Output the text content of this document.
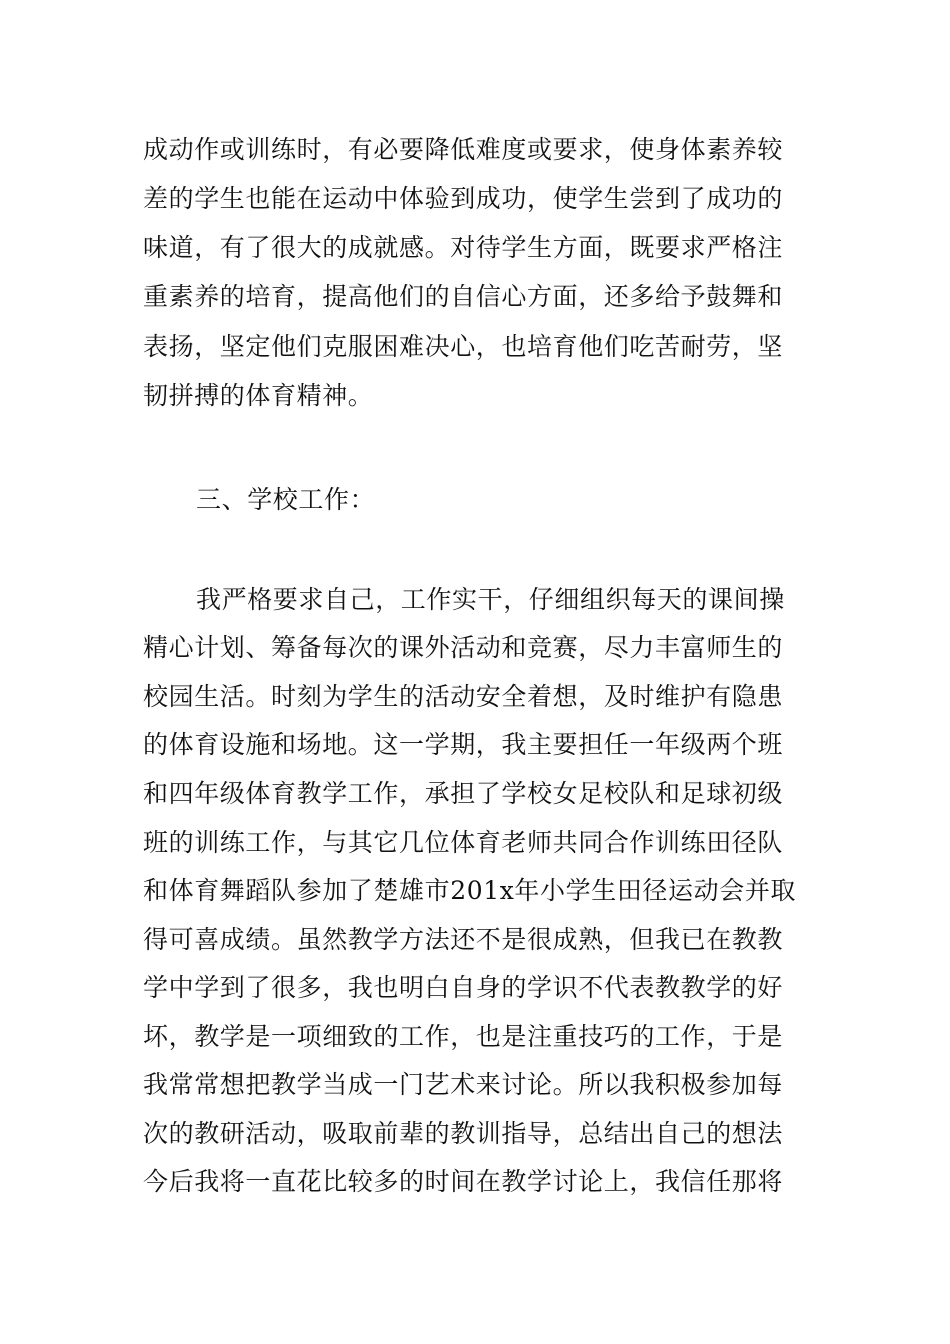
成动作或训练时，有必要降低难度或要求，使身体素养较
差的学生也能在运动中体验到成功，使学生尝到了成功的
味道，有了很大的成就感。对待学生方面，既要求严格注
重素养的培育，提高他们的自信心方面，还多给予鼓舞和
表扬，坚定他们克服困难决心，也培育他们吃苦耐劳，坚
韧拼搏的体育精神。
三、学校工作：
我严格要求自己，工作实干，仔细组织每天的课间操
精心计划、筹备每次的课外活动和竞赛，尽力丰富师生的
校园生活。时刻为学生的活动安全着想，及时维护有隐患
的体育设施和场地。这一学期，我主要担任一年级两个班
和四年级体育教学工作，承担了学校女足校队和足球初级
班的训练工作，与其它几位体育老师共同合作训练田径队
和体育舞蹈队参加了楚雄市201x年小学生田径运动会并取
得可喜成绩。虽然教学方法还不是很成熟，但我已在教教
学中学到了很多，我也明白自身的学识不代表教教学的好
坏，教学是一项细致的工作，也是注重技巧的工作，于是
我常常想把教学当成一门艺术来讨论。所以我积极参加每
次的教研活动，吸取前辈的教训指导，总结出自己的想法
今后我将一直花比较多的时间在教学讨论上，我信任那将
